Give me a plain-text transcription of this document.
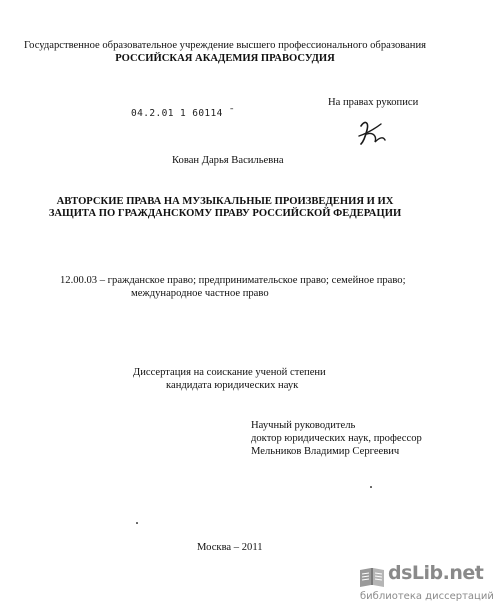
Государственное образовательное учреждение высшего профессионального образования
РОССИЙСКАЯ АКАДЕМИЯ ПРАВОСУДИЯ
04.2.01 1 60114 ˉ
На правах рукописи
Кован Дарья Васильевна
АВТОРСКИЕ ПРАВА НА МУЗЫКАЛЬНЫЕ ПРОИЗВЕДЕНИЯ И ИХ
ЗАЩИТА ПО ГРАЖДАНСКОМУ ПРАВУ РОССИЙСКОЙ ФЕДЕРАЦИИ
12.00.03 – гражданское право; предпринимательское право; семейное право;
международное частное право
Диссертация на соискание ученой степени
кандидата юридических наук
Научный руководитель
доктор юридических наук, профессор
Мельников Владимир Сергеевич
Москва – 2011
dsLib.net
библиотека диссертаций
